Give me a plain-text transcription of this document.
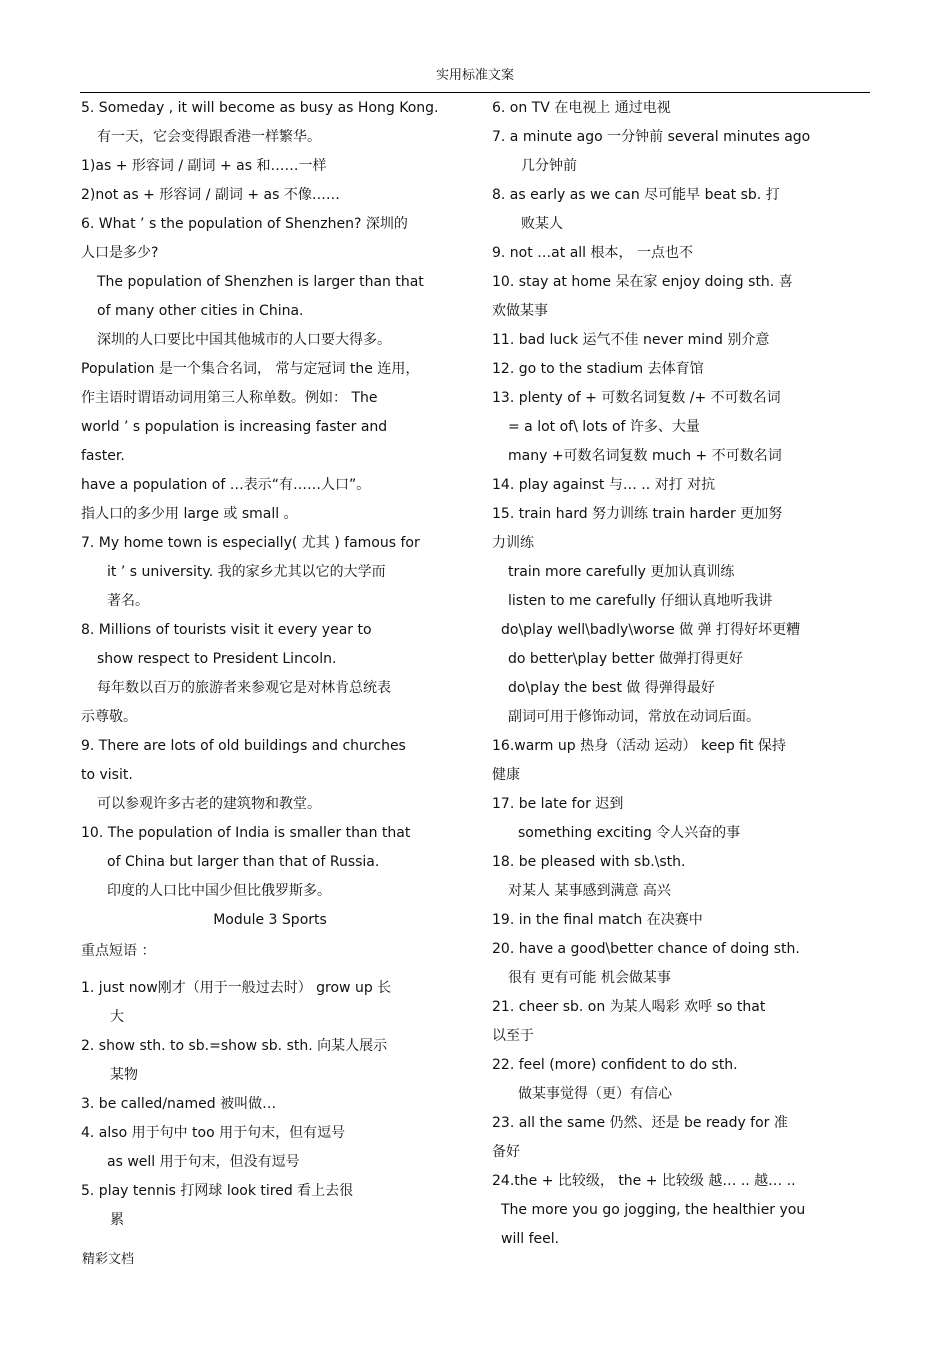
实用标准文案
5. Someday , it will become as busy as Hong Kong.
有一天，它会变得跟香港一样繁华。
1)as + 形容词 / 副词 + as 和……一样
2)not as + 形容词 / 副词 + as 不像……
6. What ’ s the population of Shenzhen? 深圳的
人口是多少?
The population of Shenzhen is larger than that
of many other cities in China.
深圳的人口要比中国其他城市的人口要大得多。
Population 是一个集合名词， 常与定冠词 the 连用，
作主语时谓语动词用第三人称单数。例如： The
world ’ s population is increasing faster and
faster.
have a population of …表示“有……人口”。
指人口的多少用 large 或 small 。
7. My home town is especially( 尤其 ) famous for
it ’ s university. 我的家乡尤其以它的大学而
著名。
8. Millions of tourists visit it every year to
show respect to President Lincoln.
每年数以百万的旅游者来参观它是对林肯总统表
示尊敬。
9. There are lots of old buildings and churches
to visit.
可以参观许多古老的建筑物和教堂。
10. The population of India is smaller than that
of China but larger than that of Russia.
印度的人口比中国少但比俄罗斯多。
Module 3 Sports
重点短语 ：
1. just now刚才（用于一般过去时） grow up 长
大
2. show sth. to sb.=show sb. sth. 向某人展示
某物
3. be called/named 被叫做…
4. also 用于句中 too 用于句末，但有逗号
as well 用于句末，但没有逗号
5. play tennis 打网球 look tired 看上去很
累
6. on TV 在电视上 通过电视
7. a minute ago 一分钟前 several minutes ago
几分钟前
8. as early as we can 尽可能早 beat sb. 打
败某人
9. not …at all 根本， 一点也不
10. stay at home 呆在家 enjoy doing sth. 喜
欢做某事
11. bad luck 运气不佳 never mind 别介意
12. go to the stadium 去体育馆
13. plenty of + 可数名词复数 /+ 不可数名词
= a lot of\ lots of 许多、大量
many +可数名词复数 much + 不可数名词
14. play against 与… .. 对打 对抗
15. train hard 努力训练 train harder 更加努
力训练
train more carefully 更加认真训练
listen to me carefully 仔细认真地听我讲
do\play well\badly\worse 做 弹 打得好坏更糟
do better\play better 做弹打得更好
do\play the best 做 得弹得最好
副词可用于修饰动词，常放在动词后面。
16.warm up 热身（活动 运动） keep fit 保持
健康
17. be late for 迟到
something exciting 令人兴奋的事
18. be pleased with sb.\sth.
对某人 某事感到满意 高兴
19. in the final match 在决赛中
20. have a good\better chance of doing sth.
很有 更有可能 机会做某事
21. cheer sb. on 为某人喝彩 欢呼 so that
以至于
22. feel (more) confident to do sth.
做某事觉得（更）有信心
23. all the same 仍然、还是 be ready for 准
备好
24.the + 比较级， the + 比较级 越… .. 越… ..
The more you go jogging, the healthier you
will feel.
精彩文档
